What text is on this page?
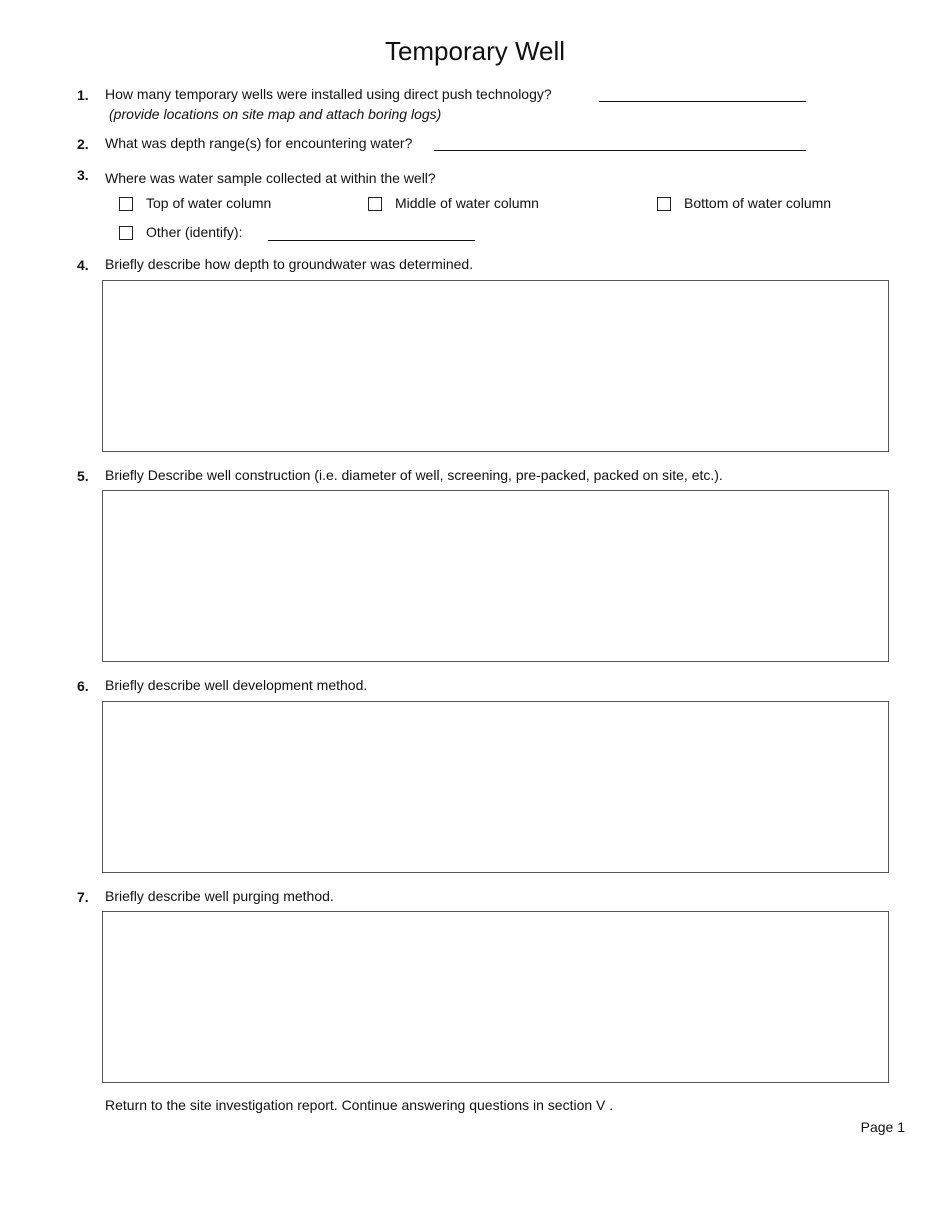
Temporary Well
1. How many temporary wells were installed using direct push technology?
(provide locations on site map and attach boring logs)
2. What was depth range(s) for encountering water?
3. Where was water sample collected at within the well?
Top of water column	Middle of water column	Bottom of water column
Other (identify):
4. Briefly describe how depth to groundwater was determined.
5. Briefly Describe well construction (i.e. diameter of well, screening, pre-packed, packed on site, etc.).
6. Briefly describe well development method.
7. Briefly describe well purging method.
Return to the site investigation report. Continue answering questions in section V .
Page 1
